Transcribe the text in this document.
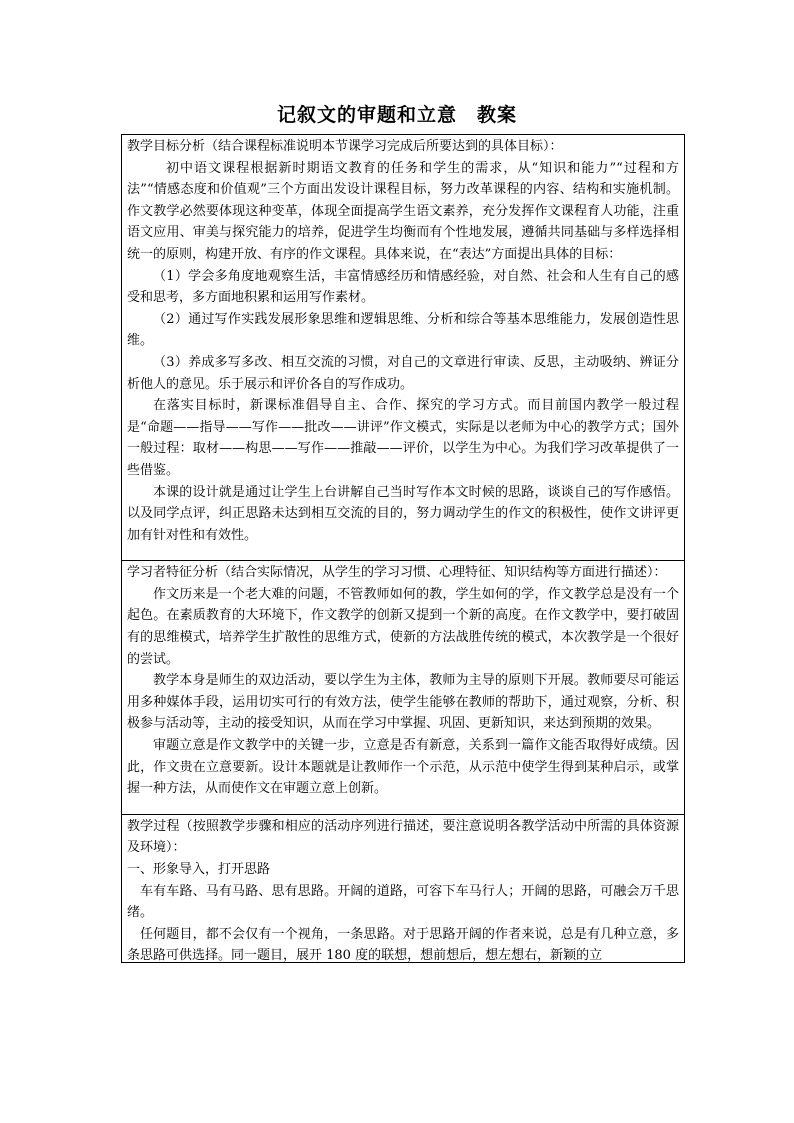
记叙文的审题和立意　教案

教学目标分析（结合课程标准说明本节课学习完成后所要达到的具体目标）：

初中语文课程根据新时期语文教育的任务和学生的需求，从“知识和能力”“过程和方法”“情感态度和价值观”三个方面出发设计课程目标，努力改革课程的内容、结构和实施机制。作文教学必然要体现这种变革，体现全面提高学生语文素养，充分发挥作文课程育人功能，注重语文应用、审美与探究能力的培养，促进学生均衡而有个性地发展，遵循共同基础与多样选择相统一的原则，构建开放、有序的作文课程。具体来说，在“表达”方面提出具体的目标：

（1）学会多角度地观察生活，丰富情感经历和情感经验，对自然、社会和人生有自己的感受和思考，多方面地积累和运用写作素材。

（2）通过写作实践发展形象思维和逻辑思维、分析和综合等基本思维能力，发展创造性思维。

（3）养成多写多改、相互交流的习惯，对自己的文章进行审读、反思，主动吸纳、辨证分析他人的意见。乐于展示和评价各自的写作成功。

在落实目标时，新课标准倡导自主、合作、探究的学习方式。而目前国内教学一般过程是“命题——指导——写作——批改——讲评”作文模式，实际是以老师为中心的教学方式；国外一般过程：取材——构思——写作——推敲——评价，以学生为中心。为我们学习改革提供了一些借鉴。

本课的设计就是通过让学生上台讲解自己当时写作本文时候的思路，谈谈自己的写作感悟。以及同学点评，纠正思路未达到相互交流的目的，努力调动学生的作文的积极性，使作文讲评更加有针对性和有效性。

学习者特征分析（结合实际情况，从学生的学习习惯、心理特征、知识结构等方面进行描述）：

作文历来是一个老大难的问题，不管教师如何的教，学生如何的学，作文教学总是没有一个起色。在素质教育的大环境下，作文教学的创新又提到一个新的高度。在作文教学中，要打破固有的思维模式，培养学生扩散性的思维方式，使新的方法战胜传统的模式，本次教学是一个很好的尝试。

教学本身是师生的双边活动，要以学生为主体，教师为主导的原则下开展。教师要尽可能运用多种媒体手段，运用切实可行的有效方法，使学生能够在教师的帮助下，通过观察，分析、积极参与活动等，主动的接受知识，从而在学习中掌握、巩固、更新知识，来达到预期的效果。

审题立意是作文教学中的关键一步，立意是否有新意，关系到一篇作文能否取得好成绩。因此，作文贵在立意要新。设计本题就是让教师作一个示范，从示范中使学生得到某种启示，或掌握一种方法，从而使作文在审题立意上创新。

教学过程（按照教学步骤和相应的活动序列进行描述，要注意说明各教学活动中所需的具体资源及环境）：

一、形象导入，打开思路

车有车路、马有马路、思有思路。开阔的道路，可容下车马行人；开阔的思路，可融会万千思绪。

任何题目，都不会仅有一个视角，一条思路。对于思路开阔的作者来说，总是有几种立意，多条思路可供选择。同一题目，展开 180 度的联想，想前想后，想左想右，新颖的立
